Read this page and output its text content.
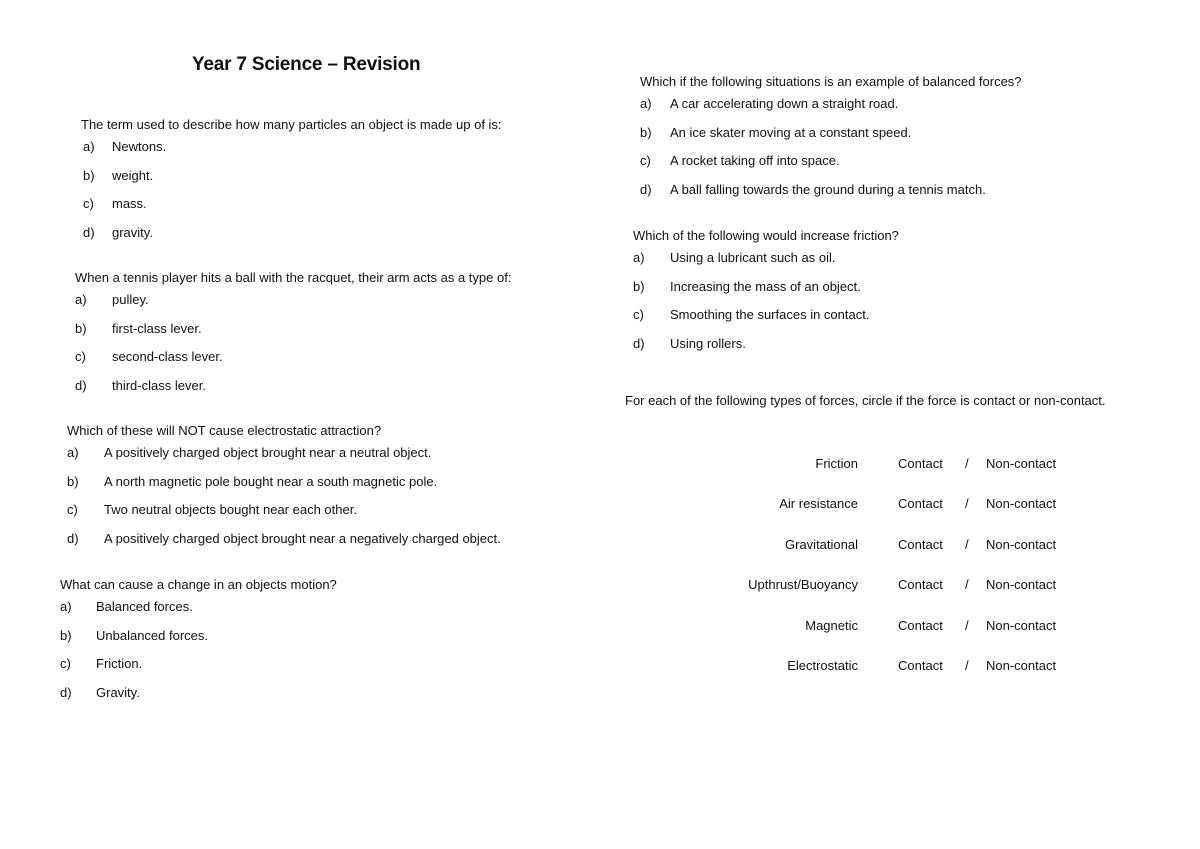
Year 7 Science – Revision
The term used to describe how many particles an object is made up of is:
a) Newtons.
b) weight.
c) mass.
d) gravity.
When a tennis player hits a ball with the racquet, their arm acts as a type of:
a) pulley.
b) first-class lever.
c) second-class lever.
d) third-class lever.
Which of these will NOT cause electrostatic attraction?
a) A positively charged object brought near a neutral object.
b) A north magnetic pole bought near a south magnetic pole.
c) Two neutral objects bought near each other.
d) A positively charged object brought near a negatively charged object.
What can cause a change in an objects motion?
a) Balanced forces.
b) Unbalanced forces.
c) Friction.
d) Gravity.
Which if the following situations is an example of balanced forces?
a) A car accelerating down a straight road.
b) An ice skater moving at a constant speed.
c) A rocket taking off into space.
d) A ball falling towards the ground during a tennis match.
Which of the following would increase friction?
a) Using a lubricant such as oil.
b) Increasing the mass of an object.
c) Smoothing the surfaces in contact.
d) Using rollers.
For each of the following types of forces, circle if the force is contact or non-contact.
Friction	Contact / Non-contact
Air resistance	Contact / Non-contact
Gravitational	Contact / Non-contact
Upthrust/Buoyancy	Contact / Non-contact
Magnetic	Contact / Non-contact
Electrostatic	Contact / Non-contact
